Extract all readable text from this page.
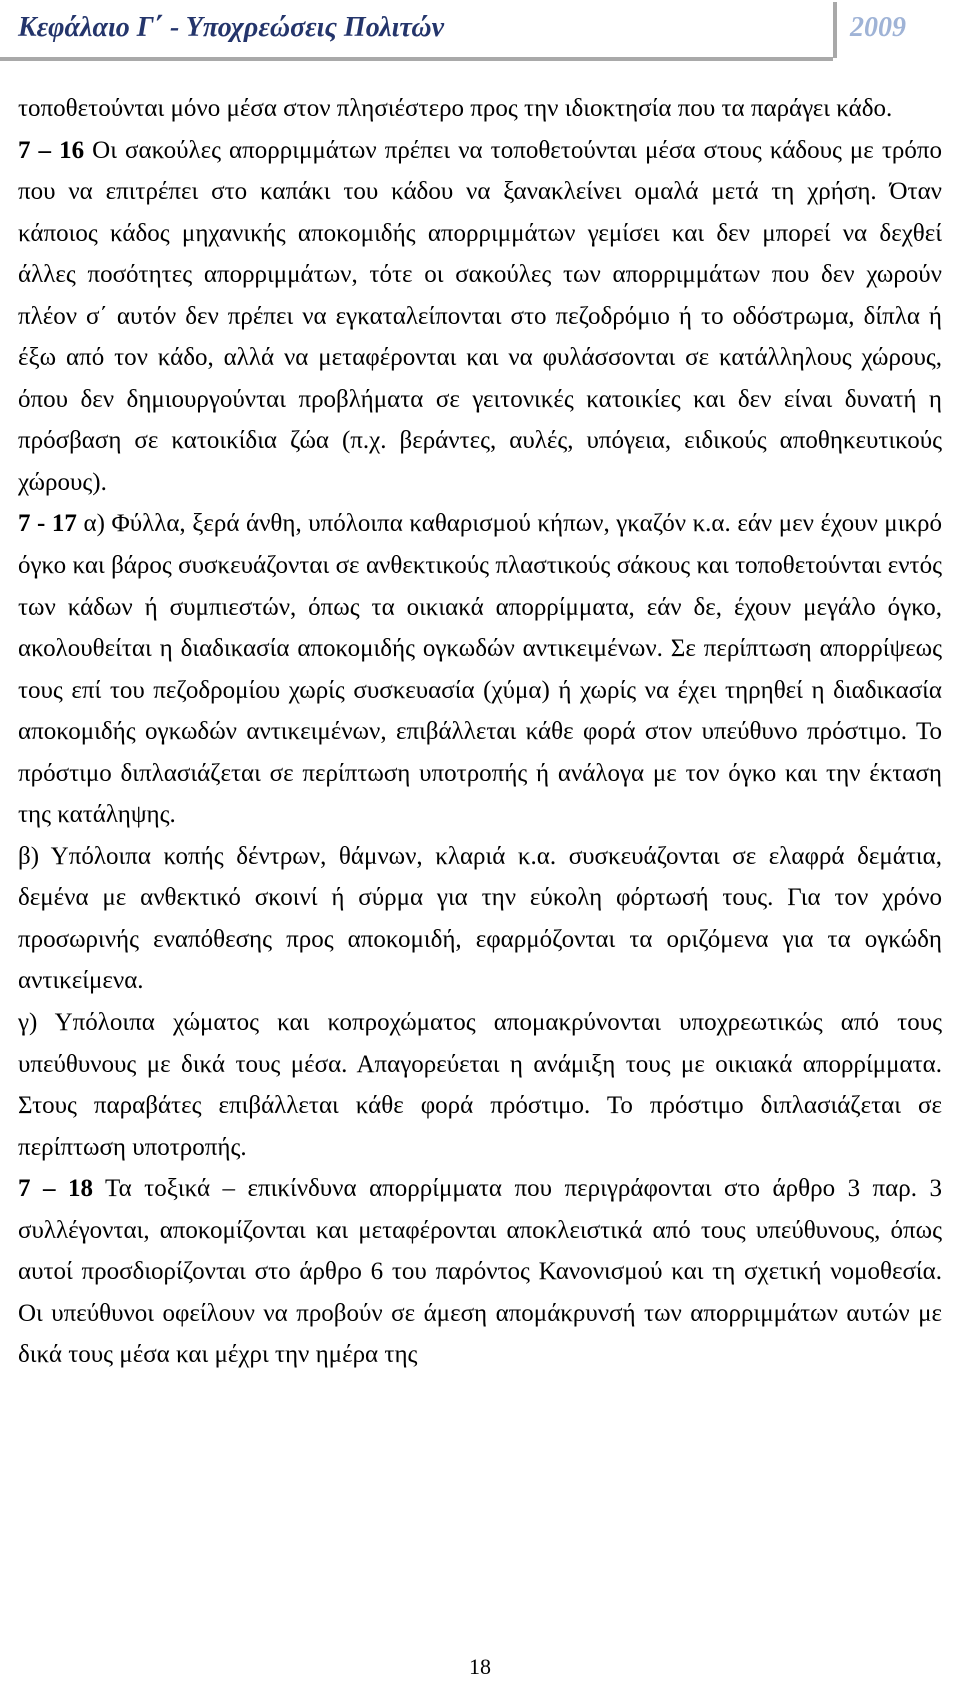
Κεφάλαιο Γ΄ - Υποχρεώσεις Πολιτών	2009

τοποθετούνται μόνο μέσα στον πλησιέστερο προς την ιδιοκτησία που τα παράγει κάδο.

7 – 16 Οι σακούλες απορριμμάτων πρέπει να τοποθετούνται μέσα στους κάδους με τρόπο που να επιτρέπει στο καπάκι του κάδου να ξανακλείνει ομαλά μετά τη χρήση. Όταν κάποιος κάδος μηχανικής αποκομιδής απορριμμάτων γεμίσει και δεν μπορεί να δεχθεί άλλες ποσότητες απορριμμάτων, τότε οι σακούλες των απορριμμάτων που δεν χωρούν πλέον σ΄ αυτόν δεν πρέπει να εγκαταλείπονται στο πεζοδρόμιο ή το οδόστρωμα, δίπλα ή έξω από τον κάδο, αλλά να μεταφέρονται και να φυλάσσονται σε κατάλληλους χώρους, όπου δεν δημιουργούνται προβλήματα σε γειτονικές κατοικίες και δεν είναι δυνατή η πρόσβαση σε κατοικίδια ζώα (π.χ. βεράντες, αυλές, υπόγεια, ειδικούς αποθηκευτικούς χώρους).

7 - 17 α) Φύλλα, ξερά άνθη, υπόλοιπα καθαρισμού κήπων, γκαζόν κ.α. εάν μεν έχουν μικρό όγκο και βάρος συσκευάζονται σε ανθεκτικούς πλαστικούς σάκους και τοποθετούνται εντός των κάδων ή συμπιεστών, όπως τα οικιακά απορρίμματα, εάν δε, έχουν μεγάλο όγκο, ακολουθείται η διαδικασία αποκομιδής ογκωδών αντικειμένων. Σε περίπτωση απορρίψεως τους επί του πεζοδρομίου χωρίς συσκευασία (χύμα) ή χωρίς να έχει τηρηθεί η διαδικασία αποκομιδής ογκωδών αντικειμένων, επιβάλλεται κάθε φορά στον υπεύθυνο πρόστιμο. Το πρόστιμο διπλασιάζεται σε περίπτωση υποτροπής ή ανάλογα με τον όγκο και την έκταση της κατάληψης.

β) Υπόλοιπα κοπής δέντρων, θάμνων, κλαριά κ.α. συσκευάζονται σε ελαφρά δεμάτια, δεμένα με ανθεκτικό σκοινί ή σύρμα για την εύκολη φόρτωσή τους. Για τον χρόνο προσωρινής εναπόθεσης προς αποκομιδή, εφαρμόζονται τα οριζόμενα για τα ογκώδη αντικείμενα.

γ) Υπόλοιπα χώματος και κοπροχώματος απομακρύνονται υποχρεωτικώς από τους υπεύθυνους με δικά τους μέσα. Απαγορεύεται η ανάμιξη τους με οικιακά απορρίμματα. Στους παραβάτες επιβάλλεται κάθε φορά πρόστιμο. Το πρόστιμο διπλασιάζεται σε περίπτωση υποτροπής.

7 – 18 Τα τοξικά – επικίνδυνα απορρίμματα που περιγράφονται στο άρθρο 3 παρ. 3 συλλέγονται, αποκομίζονται και μεταφέρονται αποκλειστικά από τους υπεύθυνους, όπως αυτοί προσδιορίζονται στο άρθρο 6 του παρόντος Κανονισμού και τη σχετική νομοθεσία. Οι υπεύθυνοι οφείλουν να προβούν σε άμεση απομάκρυνσή των απορριμμάτων αυτών με δικά τους μέσα και μέχρι την ημέρα της

18
